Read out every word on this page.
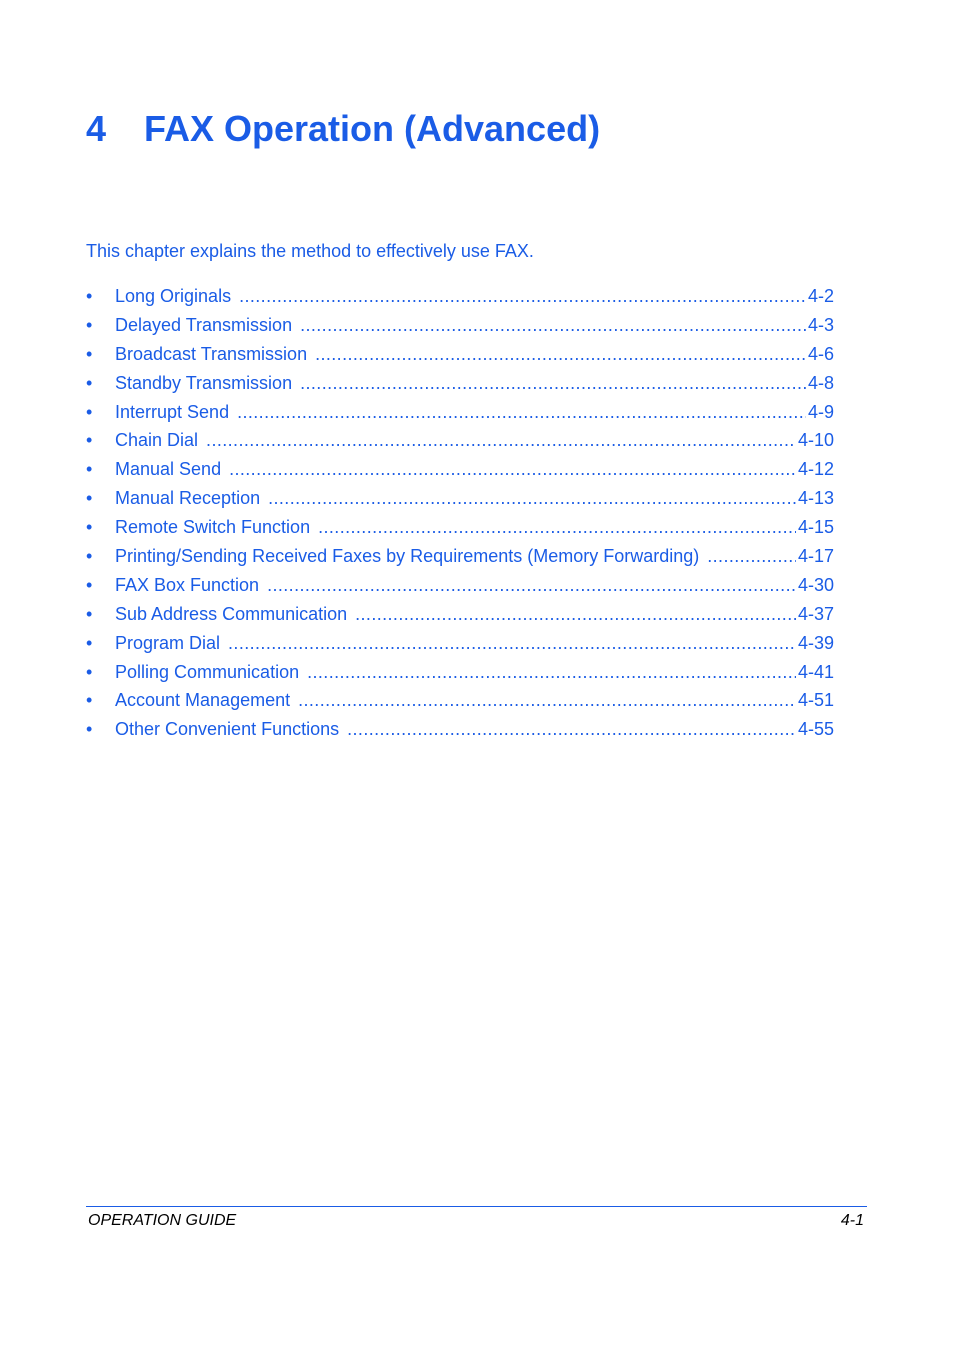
4 FAX Operation (Advanced)

This chapter explains the method to effectively use FAX.

•	Long Originals .....	4-2
•	Delayed Transmission .....	4-3
•	Broadcast Transmission .....	4-6
•	Standby Transmission .....	4-8
•	Interrupt Send .....	4-9
•	Chain Dial .....	4-10
•	Manual Send .....	4-12
•	Manual Reception .....	4-13
•	Remote Switch Function .....	4-15
•	Printing/Sending Received Faxes by Requirements (Memory Forwarding) .....	4-17
•	FAX Box Function .....	4-30
•	Sub Address Communication .....	4-37
•	Program Dial .....	4-39
•	Polling Communication .....	4-41
•	Account Management .....	4-51
•	Other Convenient Functions .....	4-55
OPERATION GUIDE	4-1
